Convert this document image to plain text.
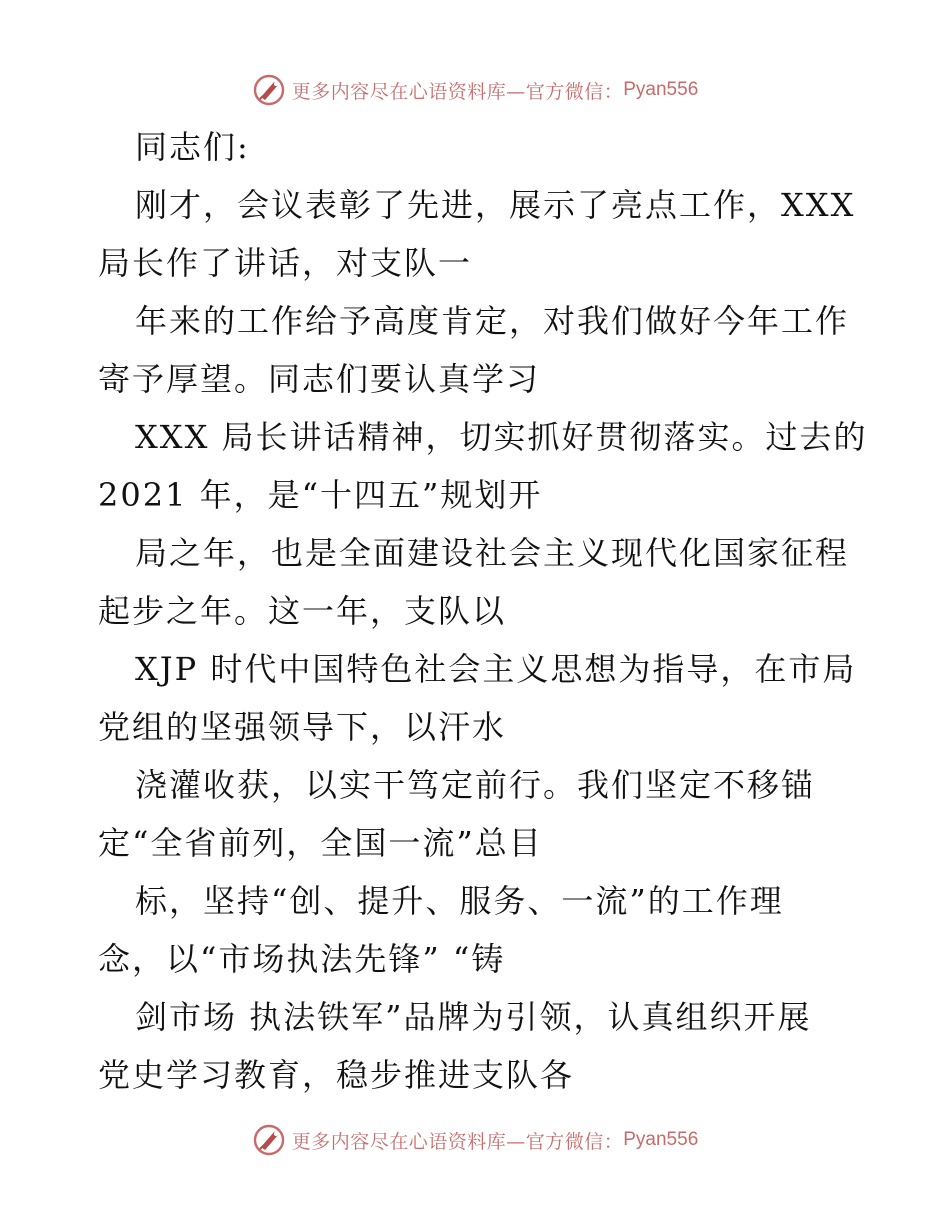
更多内容尽在心语资料库—官方微信： Pyan556
同志们:
刚才，会议表彰了先进，展示了亮点工作，XXX
局长作了讲话，对支队一
年来的工作给予高度肯定，对我们做好今年工作
寄予厚望。同志们要认真学习
XXX 局长讲话精神，切实抓好贯彻落实。过去的
2021 年，是“十四五”规划开
局之年，也是全面建设社会主义现代化国家征程
起步之年。这一年，支队以
XJP 时代中国特色社会主义思想为指导，在市局
党组的坚强领导下，以汗水
浇灌收获，以实干笃定前行。我们坚定不移锚
定“全省前列，全国一流”总目
标，坚持“创、提升、服务、一流”的工作理
念，以“市场执法先锋” “铸
剑市场 执法铁军”品牌为引领，认真组织开展
党史学习教育，稳步推进支队各
更多内容尽在心语资料库—官方微信： Pyan556
